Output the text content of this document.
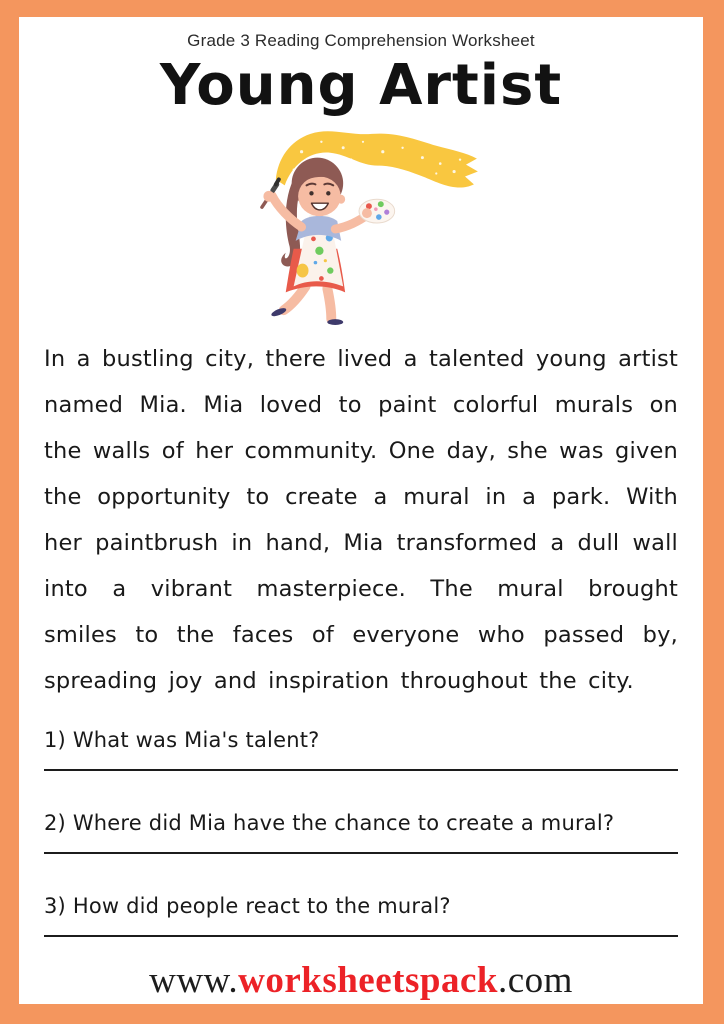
Grade 3 Reading Comprehension Worksheet
Young Artist

In a bustling city, there lived a talented young artist named Mia. Mia loved to paint colorful murals on the walls of her community. One day, she was given the opportunity to create a mural in a park. With her paintbrush in hand, Mia transformed a dull wall into a vibrant masterpiece. The mural brought smiles to the faces of everyone who passed by, spreading joy and inspiration throughout the city.

1) What was Mia's talent?
2) Where did Mia have the chance to create a mural?
3) How did people react to the mural?
www.worksheetspack.com
